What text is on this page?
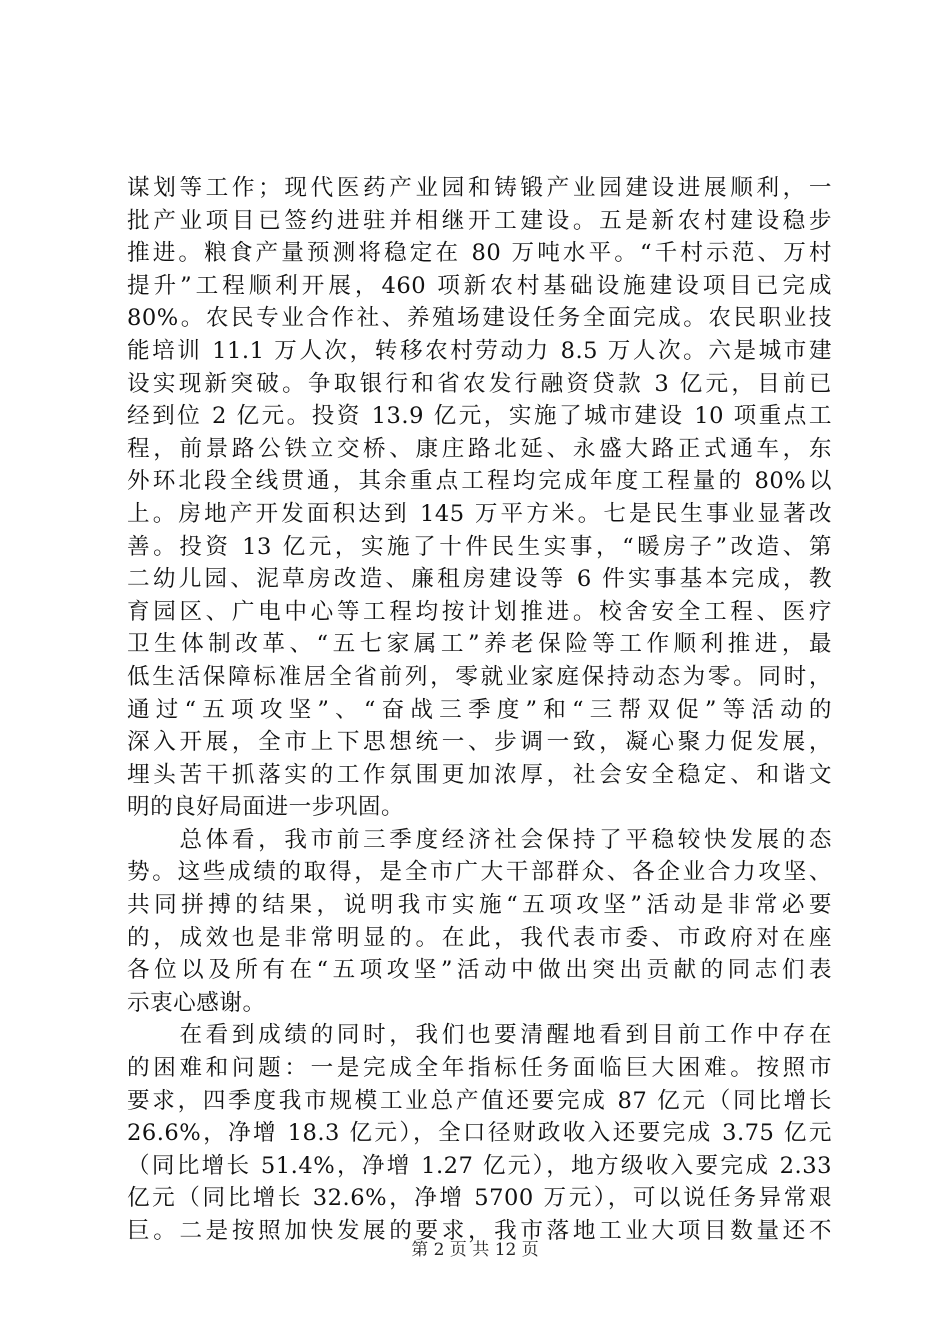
谋划等工作；现代医药产业园和铸锻产业园建设进展顺利，一
批产业项目已签约进驻并相继开工建设。五是新农村建设稳步
推进。粮食产量预测将稳定在 80 万吨水平。“千村示范、万村
提升”工程顺利开展，460 项新农村基础设施建设项目已完成
80%。农民专业合作社、养殖场建设任务全面完成。农民职业技
能培训 11.1 万人次，转移农村劳动力 8.5 万人次。六是城市建
设实现新突破。争取银行和省农发行融资贷款 3 亿元，目前已
经到位 2 亿元。投资 13.9 亿元，实施了城市建设 10 项重点工
程，前景路公铁立交桥、康庄路北延、永盛大路正式通车，东
外环北段全线贯通，其余重点工程均完成年度工程量的 80%以
上。房地产开发面积达到 145 万平方米。七是民生事业显著改
善。投资 13 亿元，实施了十件民生实事，“暖房子”改造、第
二幼儿园、泥草房改造、廉租房建设等 6 件实事基本完成，教
育园区、广电中心等工程均按计划推进。校舍安全工程、医疗
卫生体制改革、“五七家属工”养老保险等工作顺利推进，最
低生活保障标准居全省前列，零就业家庭保持动态为零。同时，
通过“五项攻坚”、“奋战三季度”和“三帮双促”等活动的
深入开展，全市上下思想统一、步调一致，凝心聚力促发展，
埋头苦干抓落实的工作氛围更加浓厚，社会安全稳定、和谐文
明的良好局面进一步巩固。
　　总体看，我市前三季度经济社会保持了平稳较快发展的态
势。这些成绩的取得，是全市广大干部群众、各企业合力攻坚、
共同拼搏的结果，说明我市实施“五项攻坚”活动是非常必要
的，成效也是非常明显的。在此，我代表市委、市政府对在座
各位以及所有在“五项攻坚”活动中做出突出贡献的同志们表
示衷心感谢。
　　在看到成绩的同时，我们也要清醒地看到目前工作中存在
的困难和问题：一是完成全年指标任务面临巨大困难。按照市
要求，四季度我市规模工业总产值还要完成 87 亿元（同比增长
26.6%，净增 18.3 亿元），全口径财政收入还要完成 3.75 亿元
（同比增长 51.4%，净增 1.27 亿元），地方级收入要完成 2.33
亿元（同比增长 32.6%，净增 5700 万元），可以说任务异常艰
巨。二是按照加快发展的要求，我市落地工业大项目数量还不
第 2 页 共 12 页
